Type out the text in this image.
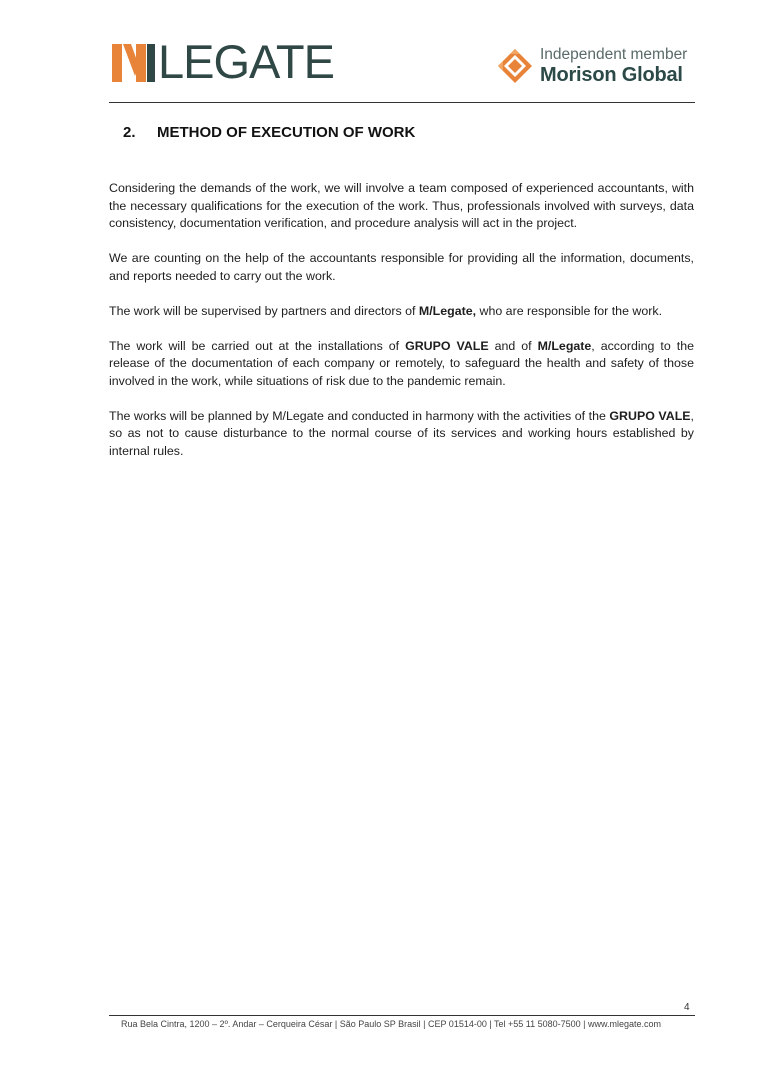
LEGATE	Independent member
Morison Global
2. METHOD OF EXECUTION OF WORK

Considering the demands of the work, we will involve a team composed of experienced accountants, with the necessary qualifications for the execution of the work. Thus, professionals involved with surveys, data consistency, documentation verification, and procedure analysis will act in the project.

We are counting on the help of the accountants responsible for providing all the information, documents, and reports needed to carry out the work.

The work will be supervised by partners and directors of M/Legate, who are responsible for the work.

The work will be carried out at the installations of GRUPO VALE and of M/Legate, according to the release of the documentation of each company or remotely, to safeguard the health and safety of those involved in the work, while situations of risk due to the pandemic remain.

The works will be planned by M/Legate and conducted in harmony with the activities of the GRUPO VALE, so as not to cause disturbance to the normal course of its services and working hours established by internal rules.

4
Rua Bela Cintra, 1200 – 2º. Andar – Cerqueira César | São Paulo SP Brasil | CEP 01514-00 | Tel +55 11 5080-7500 | www.mlegate.com
